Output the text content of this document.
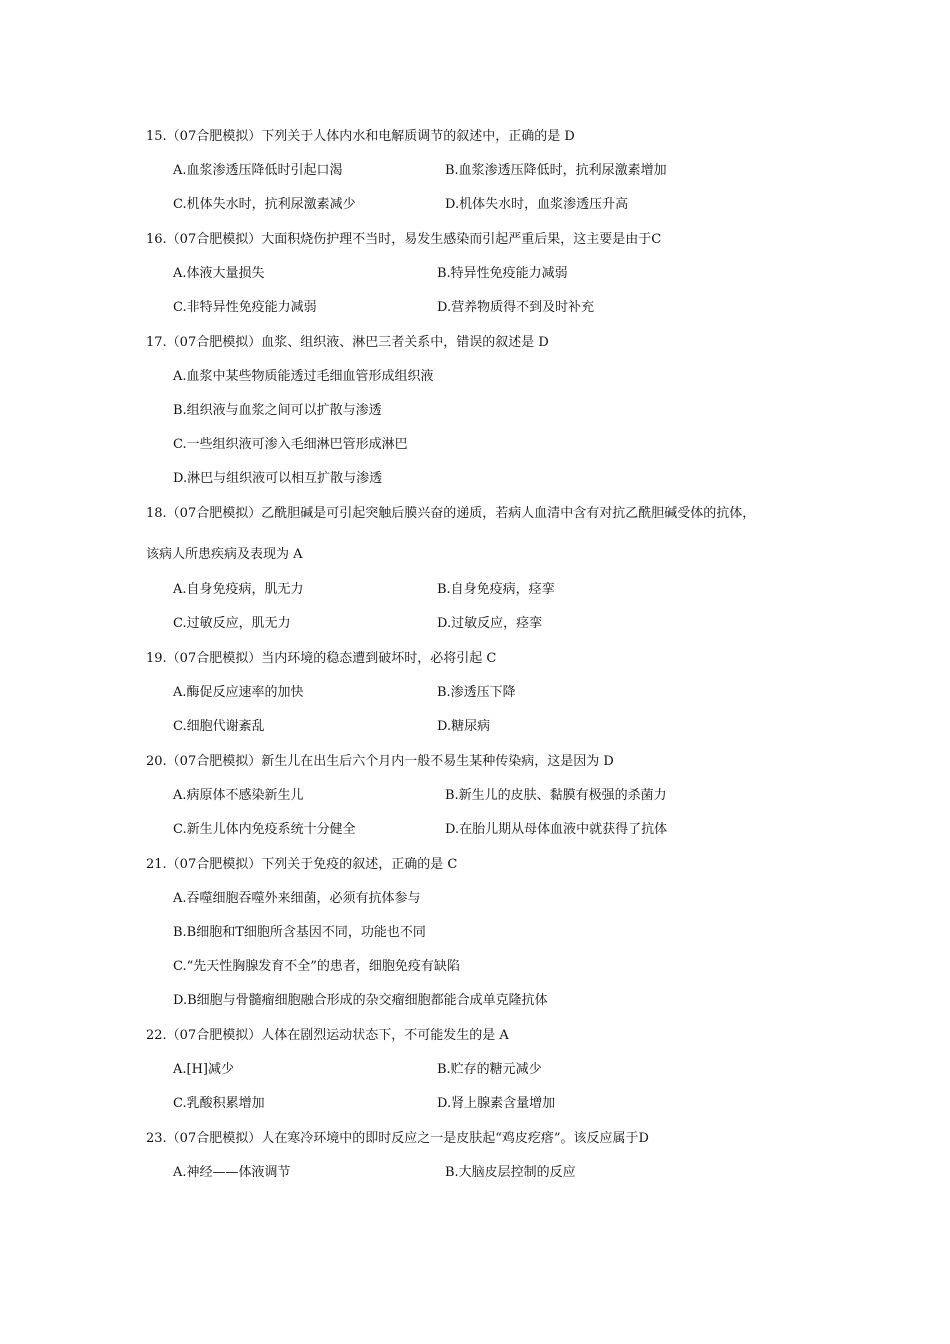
15.（07合肥模拟）下列关于人体内水和电解质调节的叙述中，正确的是 D
A.血浆渗透压降低时引起口渴	B.血浆渗透压降低时，抗利尿激素增加
C.机体失水时，抗利尿激素减少	D.机体失水时，血浆渗透压升高
16.（07合肥模拟）大面积烧伤护理不当时，易发生感染而引起严重后果，这主要是由于C
A.体液大量损失	B.特异性免疫能力减弱
C.非特异性免疫能力减弱	D.营养物质得不到及时补充
17.（07合肥模拟）血浆、组织液、淋巴三者关系中，错误的叙述是 D
A.血浆中某些物质能透过毛细血管形成组织液
B.组织液与血浆之间可以扩散与渗透
C.一些组织液可渗入毛细淋巴管形成淋巴
D.淋巴与组织液可以相互扩散与渗透
18.（07合肥模拟）乙酰胆碱是可引起突触后膜兴奋的递质，若病人血清中含有对抗乙酰胆碱受体的抗体，
该病人所患疾病及表现为 A
A.自身免疫病，肌无力	B.自身免疫病，痉挛
C.过敏反应，肌无力	D.过敏反应，痉挛
19.（07合肥模拟）当内环境的稳态遭到破坏时，必将引起 C
A.酶促反应速率的加快	B.渗透压下降
C.细胞代谢紊乱	D.糖尿病
20.（07合肥模拟）新生儿在出生后六个月内一般不易生某种传染病，这是因为 D
A.病原体不感染新生儿	B.新生儿的皮肤、黏膜有极强的杀菌力
C.新生儿体内免疫系统十分健全	D.在胎儿期从母体血液中就获得了抗体
21.（07合肥模拟）下列关于免疫的叙述，正确的是 C
A.吞噬细胞吞噬外来细菌，必须有抗体参与
B.B细胞和T细胞所含基因不同，功能也不同
C.“先天性胸腺发育不全”的患者，细胞免疫有缺陷
D.B细胞与骨髓瘤细胞融合形成的杂交瘤细胞都能合成单克隆抗体
22.（07合肥模拟）人体在剧烈运动状态下，不可能发生的是 A
A.[H]减少	B.贮存的糖元减少
C.乳酸积累增加	D.肾上腺素含量增加
23.（07合肥模拟）人在寒冷环境中的即时反应之一是皮肤起“鸡皮疙瘩”。该反应属于D
A.神经——体液调节	B.大脑皮层控制的反应
